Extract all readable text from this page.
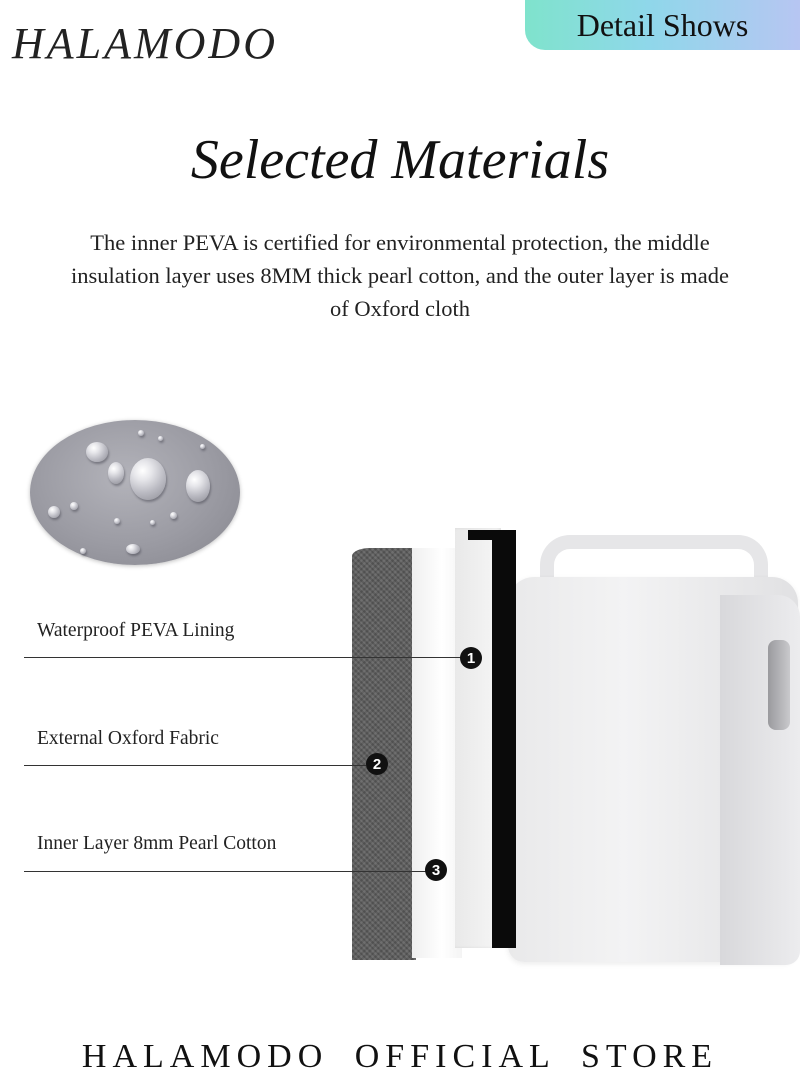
HALAMODO	Detail Shows
Selected Materials
The inner PEVA is certified for environmental protection, the middle
insulation layer uses 8MM thick pearl cotton, and the outer layer is made
of Oxford cloth
Waterproof PEVA Lining
1
External Oxford Fabric
2
Inner Layer 8mm Pearl Cotton
3
HALAMODO OFFICIAL STORE
